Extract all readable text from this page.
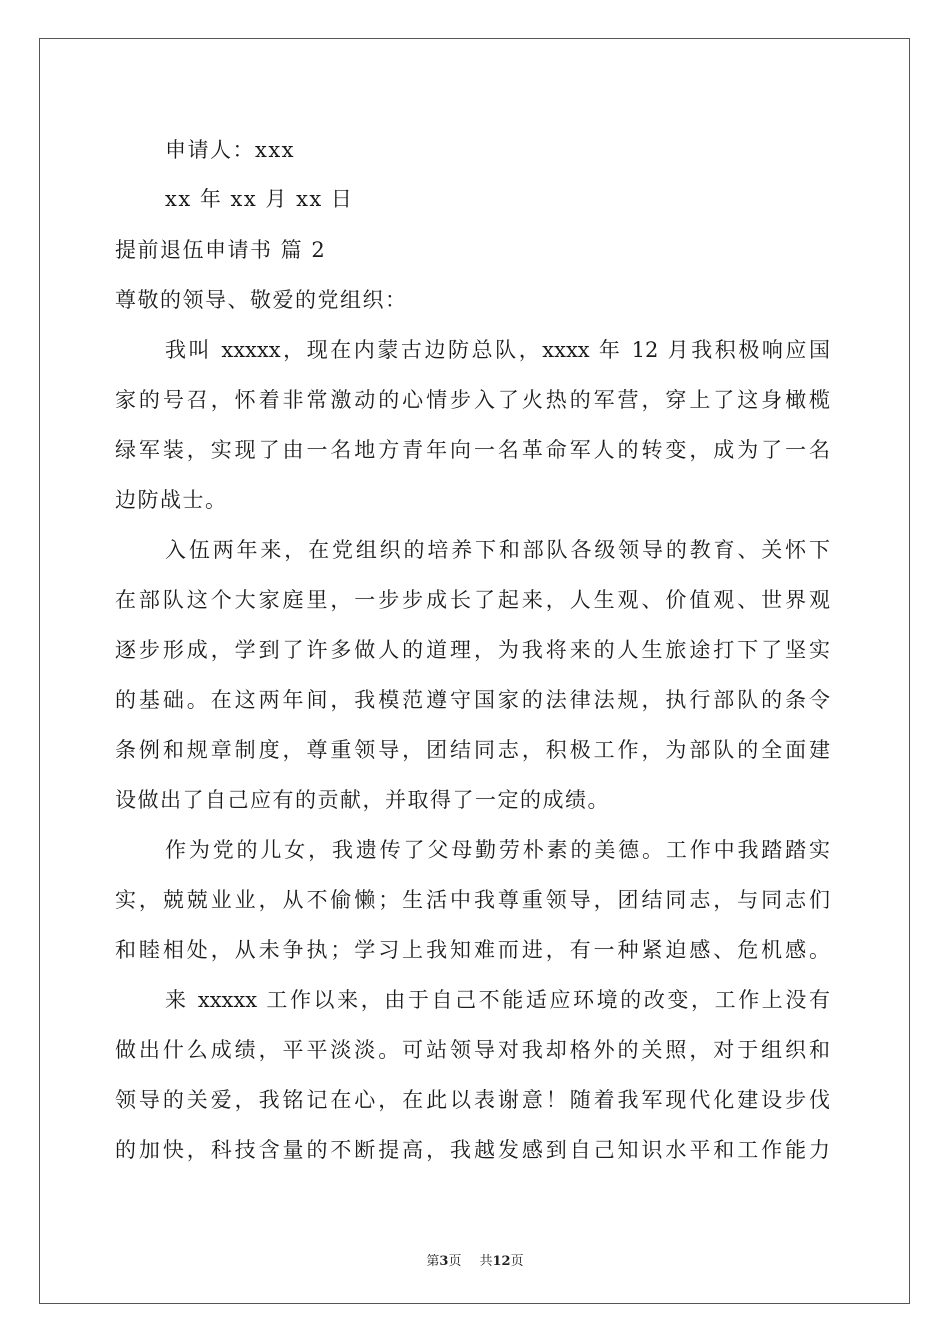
申请人：xxx
xx 年 xx 月 xx 日
提前退伍申请书 篇 2
尊敬的领导、敬爱的党组织：
我叫 xxxxx，现在内蒙古边防总队，xxxx 年 12 月我积极响应国
家的号召，怀着非常激动的心情步入了火热的军营，穿上了这身橄榄
绿军装，实现了由一名地方青年向一名革命军人的转变，成为了一名
边防战士。
入伍两年来，在党组织的培养下和部队各级领导的教育、关怀下
在部队这个大家庭里，一步步成长了起来，人生观、价值观、世界观
逐步形成，学到了许多做人的道理，为我将来的人生旅途打下了坚实
的基础。在这两年间，我模范遵守国家的法律法规，执行部队的条令
条例和规章制度，尊重领导，团结同志，积极工作，为部队的全面建
设做出了自己应有的贡献，并取得了一定的成绩。
作为党的儿女，我遗传了父母勤劳朴素的美德。工作中我踏踏实
实，兢兢业业，从不偷懒；生活中我尊重领导，团结同志，与同志们
和睦相处，从未争执；学习上我知难而进，有一种紧迫感、危机感。
来 xxxxx 工作以来，由于自己不能适应环境的改变，工作上没有
做出什么成绩，平平淡淡。可站领导对我却格外的关照，对于组织和
领导的关爱，我铭记在心，在此以表谢意！随着我军现代化建设步伐
的加快，科技含量的不断提高，我越发感到自己知识水平和工作能力
第3页 共12页
